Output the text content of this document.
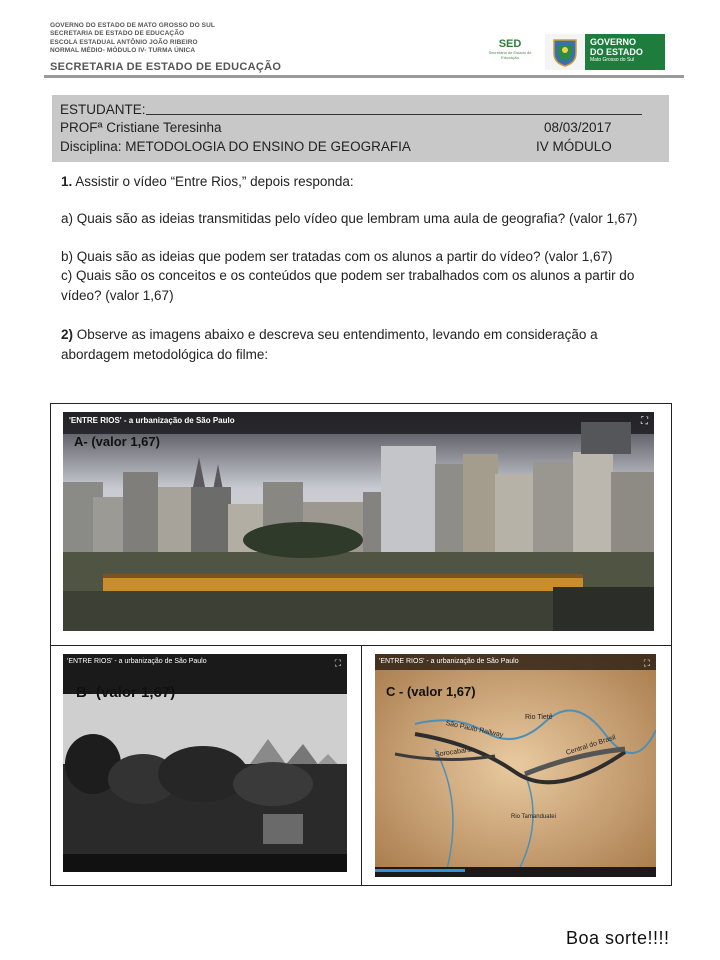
GOVERNO DO ESTADO DE MATO GROSSO DO SUL
SECRETARIA DE ESTADO DE EDUCAÇÃO
ESCOLA ESTADUAL ANTÔNIO JOÃO RIBEIRO
NORMAL MÉDIO- MÓDULO IV- TURMA ÚNICA
SECRETARIA DE ESTADO DE EDUCAÇÃO
SED
Secretaria de Estado de Educação
GOVERNO
DO ESTADO
Mato Grosso do Sul
ESTUDANTE:
PROFª Cristiane Teresinha	08/03/2017
Disciplina: METODOLOGIA DO ENSINO DE GEOGRAFIA	IV MÓDULO
1. Assistir o vídeo “Entre Rios,” depois responda:
a) Quais são as ideias transmitidas pelo vídeo que lembram uma aula de geografia? (valor 1,67)
b) Quais são as ideias que podem ser tratadas com os alunos a partir do vídeo? (valor 1,67)
c) Quais são os conceitos e os conteúdos que podem ser trabalhados com os alunos a partir do vídeo? (valor 1,67)
2) Observe as imagens abaixo e descreva seu entendimento, levando em consideração a abordagem metodológica do filme:
'ENTRE RIOS' - a urbanização de São Paulo	⛶
A- (valor 1,67)
'ENTRE RIOS' - a urbanização de São Paulo	⛶
B- (valor 1,67)
'ENTRE RIOS' - a urbanização de São Paulo	⛶
C - (valor 1,67)
Rio Tietê
São Paulo Railway
Sorocabana	Central do Brasil
Rio Tamanduatei
Boa sorte!!!!
